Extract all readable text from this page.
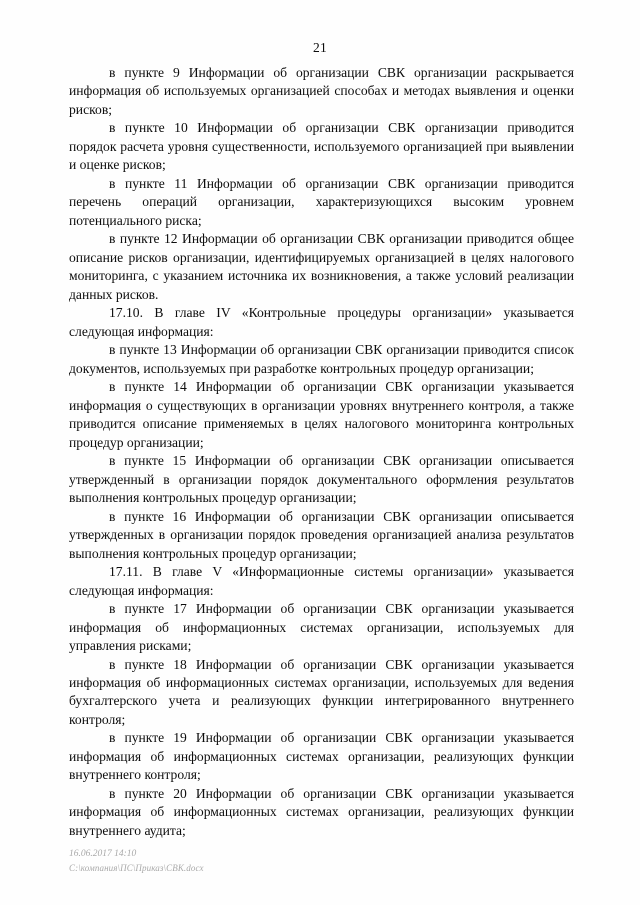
21

в пункте 9 Информации об организации СВК организации раскрывается информация об используемых организацией способах и методах выявления и оценки рисков;

в пункте 10 Информации об организации СВК организации приводится порядок расчета уровня существенности, используемого организацией при выявлении и оценке рисков;

в пункте 11 Информации об организации СВК организации приводится перечень операций организации, характеризующихся высоким уровнем потенциального риска;

в пункте 12 Информации об организации СВК организации приводится общее описание рисков организации, идентифицируемых организацией в целях налогового мониторинга, с указанием источника их возникновения, а также условий реализации данных рисков.

17.10. В главе IV «Контрольные процедуры организации» указывается следующая информация:

в пункте 13 Информации об организации СВК организации приводится список документов, используемых при разработке контрольных процедур организации;

в пункте 14 Информации об организации СВК организации указывается информация о существующих в организации уровнях внутреннего контроля, а также приводится описание применяемых в целях налогового мониторинга контрольных процедур организации;

в пункте 15 Информации об организации СВК организации описывается утвержденный в организации порядок документального оформления результатов выполнения контрольных процедур организации;

в пункте 16 Информации об организации СВК организации описывается утвержденных в организации порядок проведения организацией анализа результатов выполнения контрольных процедур организации;

17.11. В главе V «Информационные системы организации» указывается следующая информация:

в пункте 17 Информации об организации СВК организации указывается информация об информационных системах организации, используемых для управления рисками;

в пункте 18 Информации об организации СВК организации указывается информация об информационных системах организации, используемых для ведения бухгалтерского учета и реализующих функции интегрированного внутреннего контроля;

в пункте 19 Информации об организации СВК организации указывается информация об информационных системах организации, реализующих функции внутреннего контроля;

в пункте 20 Информации об организации СВК организации указывается информация об информационных системах организации, реализующих функции внутреннего аудита;

16.06.2017 14:10
C:\компания\ПС\Приказ\СВК.docx
